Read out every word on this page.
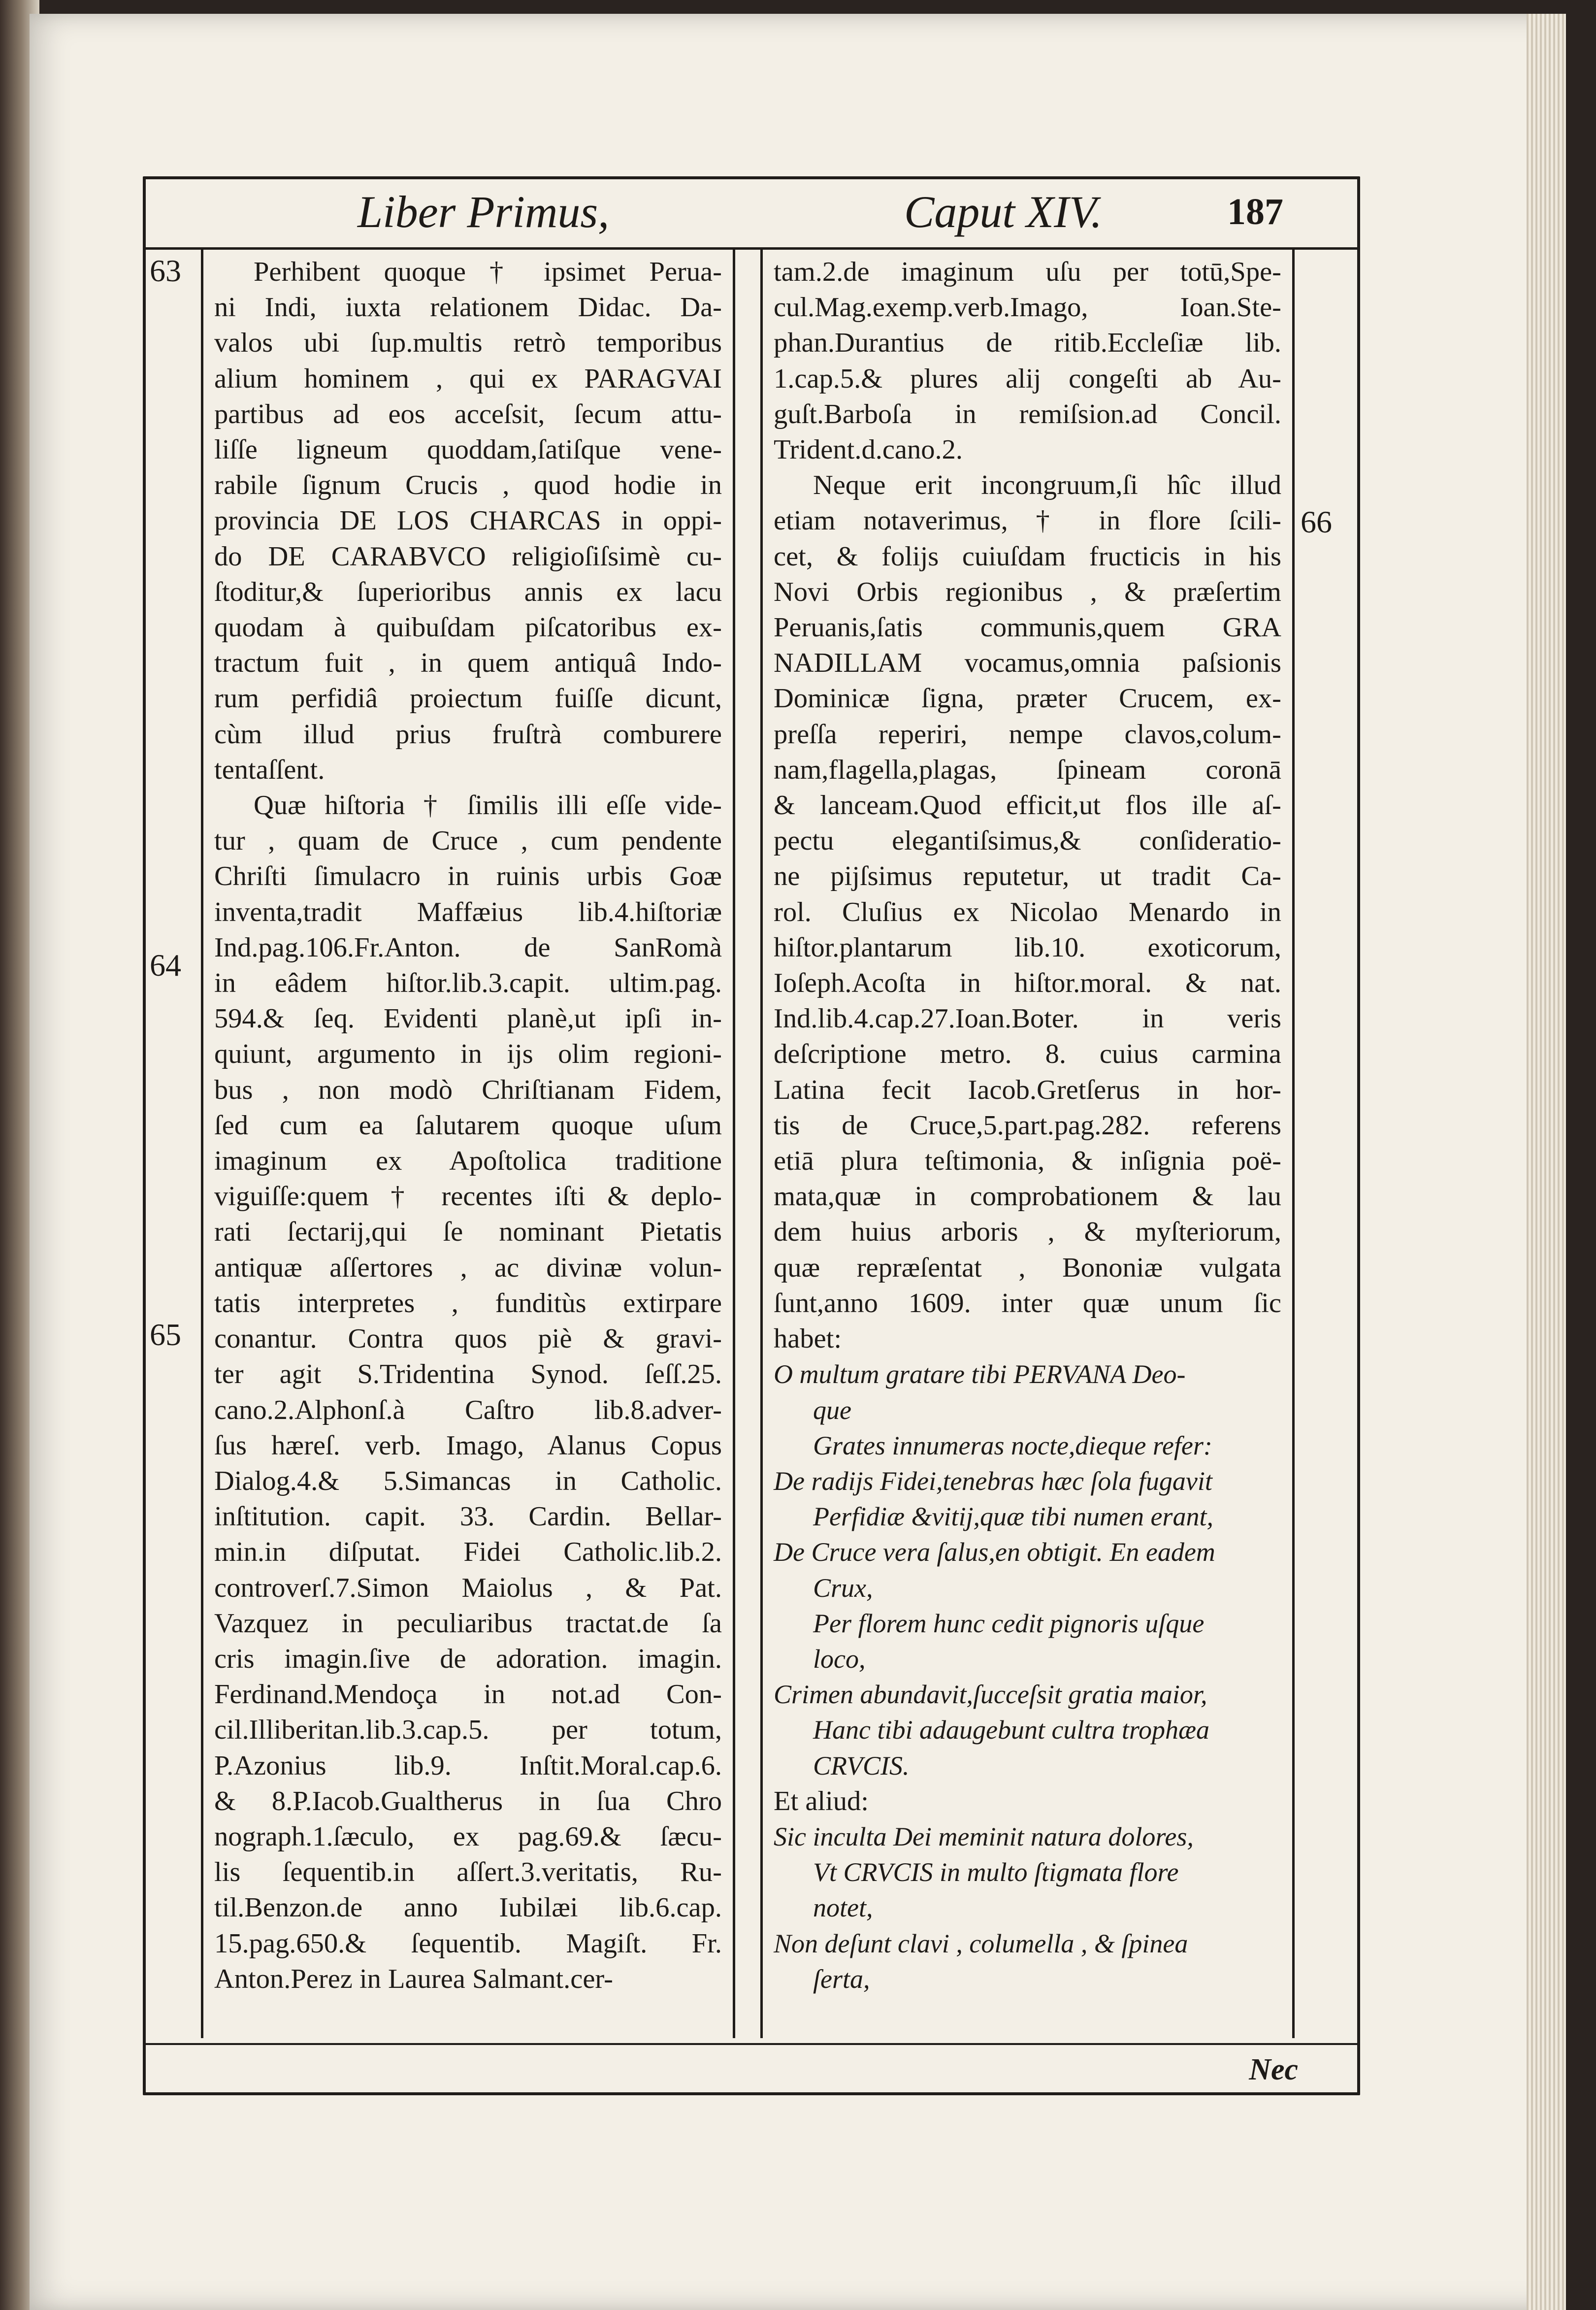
Liber Primus,	Caput XIV.	187
63
64
65
66
Perhibent quoque † ipsimet Perua-
ni Indi, iuxta relationem Didac. Da-
valos ubi ſup.multis retrò temporibus
alium hominem , qui ex PARAGVAI
partibus ad eos acceſsit, ſecum attu-
liſſe ligneum quoddam,ſatiſque vene-
rabile ſignum Crucis , quod hodie in
provincia DE LOS CHARCAS in oppi-
do DE CARABVCO religioſiſsimè cu-
ſtoditur,& ſuperioribus annis ex lacu
quodam à quibuſdam piſcatoribus ex-
tractum fuit , in quem antiquâ Indo-
rum perfidiâ proiectum fuiſſe dicunt,
cùm illud prius fruſtrà comburere
tentaſſent.
Quæ hiſtoria † ſimilis illi eſſe vide-
tur , quam de Cruce , cum pendente
Chriſti ſimulacro in ruinis urbis Goæ
inventa,tradit Maffæius lib.4.hiſtoriæ
Ind.pag.106.Fr.Anton. de SanRomà
in eâdem hiſtor.lib.3.capit. ultim.pag.
594.& ſeq. Evidenti planè,ut ipſi in-
quiunt, argumento in ijs olim regioni-
bus , non modò Chriſtianam Fidem,
ſed cum ea ſalutarem quoque uſum
imaginum ex Apoſtolica traditione
viguiſſe:quem † recentes iſti & deplo-
rati ſectarij,qui ſe nominant Pietatis
antiquæ aſſertores , ac divinæ volun-
tatis interpretes , funditùs extirpare
conantur. Contra quos piè & gravi-
ter agit S.Tridentina Synod. ſeſſ.25.
cano.2.Alphonſ.à Caſtro lib.8.adver-
ſus hæreſ. verb. Imago, Alanus Copus
Dialog.4.& 5.Simancas in Catholic.
inſtitution. capit. 33. Cardin. Bellar-
min.in diſputat. Fidei Catholic.lib.2.
controverſ.7.Simon Maiolus , & Pat.
Vazquez in peculiaribus tractat.de ſa
cris imagin.ſive de adoration. imagin.
Ferdinand.Mendoça in not.ad Con-
cil.Illiberitan.lib.3.cap.5. per totum,
P.Azonius lib.9. Inſtit.Moral.cap.6.
& 8.P.Iacob.Gualtherus in ſua Chro
nograph.1.ſæculo, ex pag.69.& ſæcu-
lis ſequentib.in aſſert.3.veritatis, Ru-
til.Benzon.de anno Iubilæi lib.6.cap.
15.pag.650.& ſequentib. Magiſt. Fr.
Anton.Perez in Laurea Salmant.cer-
tam.2.de imaginum uſu per totū,Spe-
cul.Mag.exemp.verb.Imago, Ioan.Ste-
phan.Durantius de ritib.Eccleſiæ lib.
1.cap.5.& plures alij congeſti ab Au-
guſt.Barboſa in remiſsion.ad Concil.
Trident.d.cano.2.
Neque erit incongruum,ſi hîc illud
etiam notaverimus, † in flore ſcili-
cet, & folijs cuiuſdam fructicis in his
Novi Orbis regionibus , & præſertim
Peruanis,ſatis communis,quem GRA
NADILLAM vocamus,omnia paſsionis
Dominicæ ſigna, præter Crucem, ex-
preſſa reperiri, nempe clavos,colum-
nam,flagella,plagas, ſpineam coronā
& lanceam.Quod efficit,ut flos ille aſ-
pectu elegantiſsimus,& conſideratio-
ne pijſsimus reputetur, ut tradit Ca-
rol. Cluſius ex Nicolao Menardo in
hiſtor.plantarum lib.10. exoticorum,
Ioſeph.Acoſta in hiſtor.moral. & nat.
Ind.lib.4.cap.27.Ioan.Boter. in veris
deſcriptione metro. 8. cuius carmina
Latina fecit Iacob.Gretſerus in hor-
tis de Cruce,5.part.pag.282. referens
etiā plura teſtimonia, & inſignia poë-
mata,quæ in comprobationem & lau
dem huius arboris , & myſteriorum,
quæ repræſentat , Bononiæ vulgata
ſunt,anno 1609. inter quæ unum ſic
habet:
O multum gratare tibi PERVANA Deo-
que
Grates innumeras nocte,dieque refer:
De radijs Fidei,tenebras hæc ſola fugavit
Perfidiæ &vitij,quæ tibi numen erant,
De Cruce vera ſalus,en obtigit. En eadem
Crux,
Per florem hunc cedit pignoris uſque
loco,
Crimen abundavit,ſucceſsit gratia maior,
Hanc tibi adaugebunt cultra trophæa
CRVCIS.
Et aliud:
Sic inculta Dei meminit natura dolores,
Vt CRVCIS in multo ſtigmata flore
notet,
Non deſunt clavi , columella , & ſpinea
ſerta,
Nec
